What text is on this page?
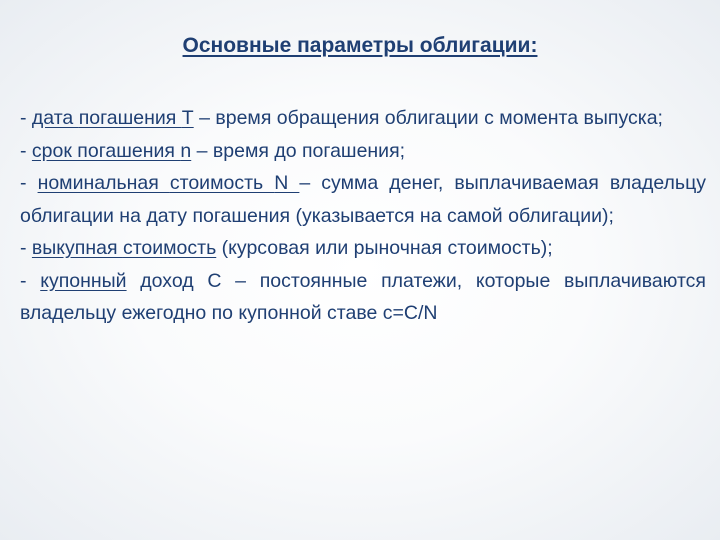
Основные параметры облигации:

- дата погашения Т – время обращения облигации с момента выпуска;

- срок погашения n – время до погашения;

- номинальная стоимость N – сумма денег, выплачиваемая владельцу облигации на дату погашения (указывается на самой облигации);

- выкупная стоимость (курсовая или рыночная стоимость);

- купонный доход С – постоянные платежи, которые выплачиваются владельцу ежегодно по купонной ставе с=C/N
